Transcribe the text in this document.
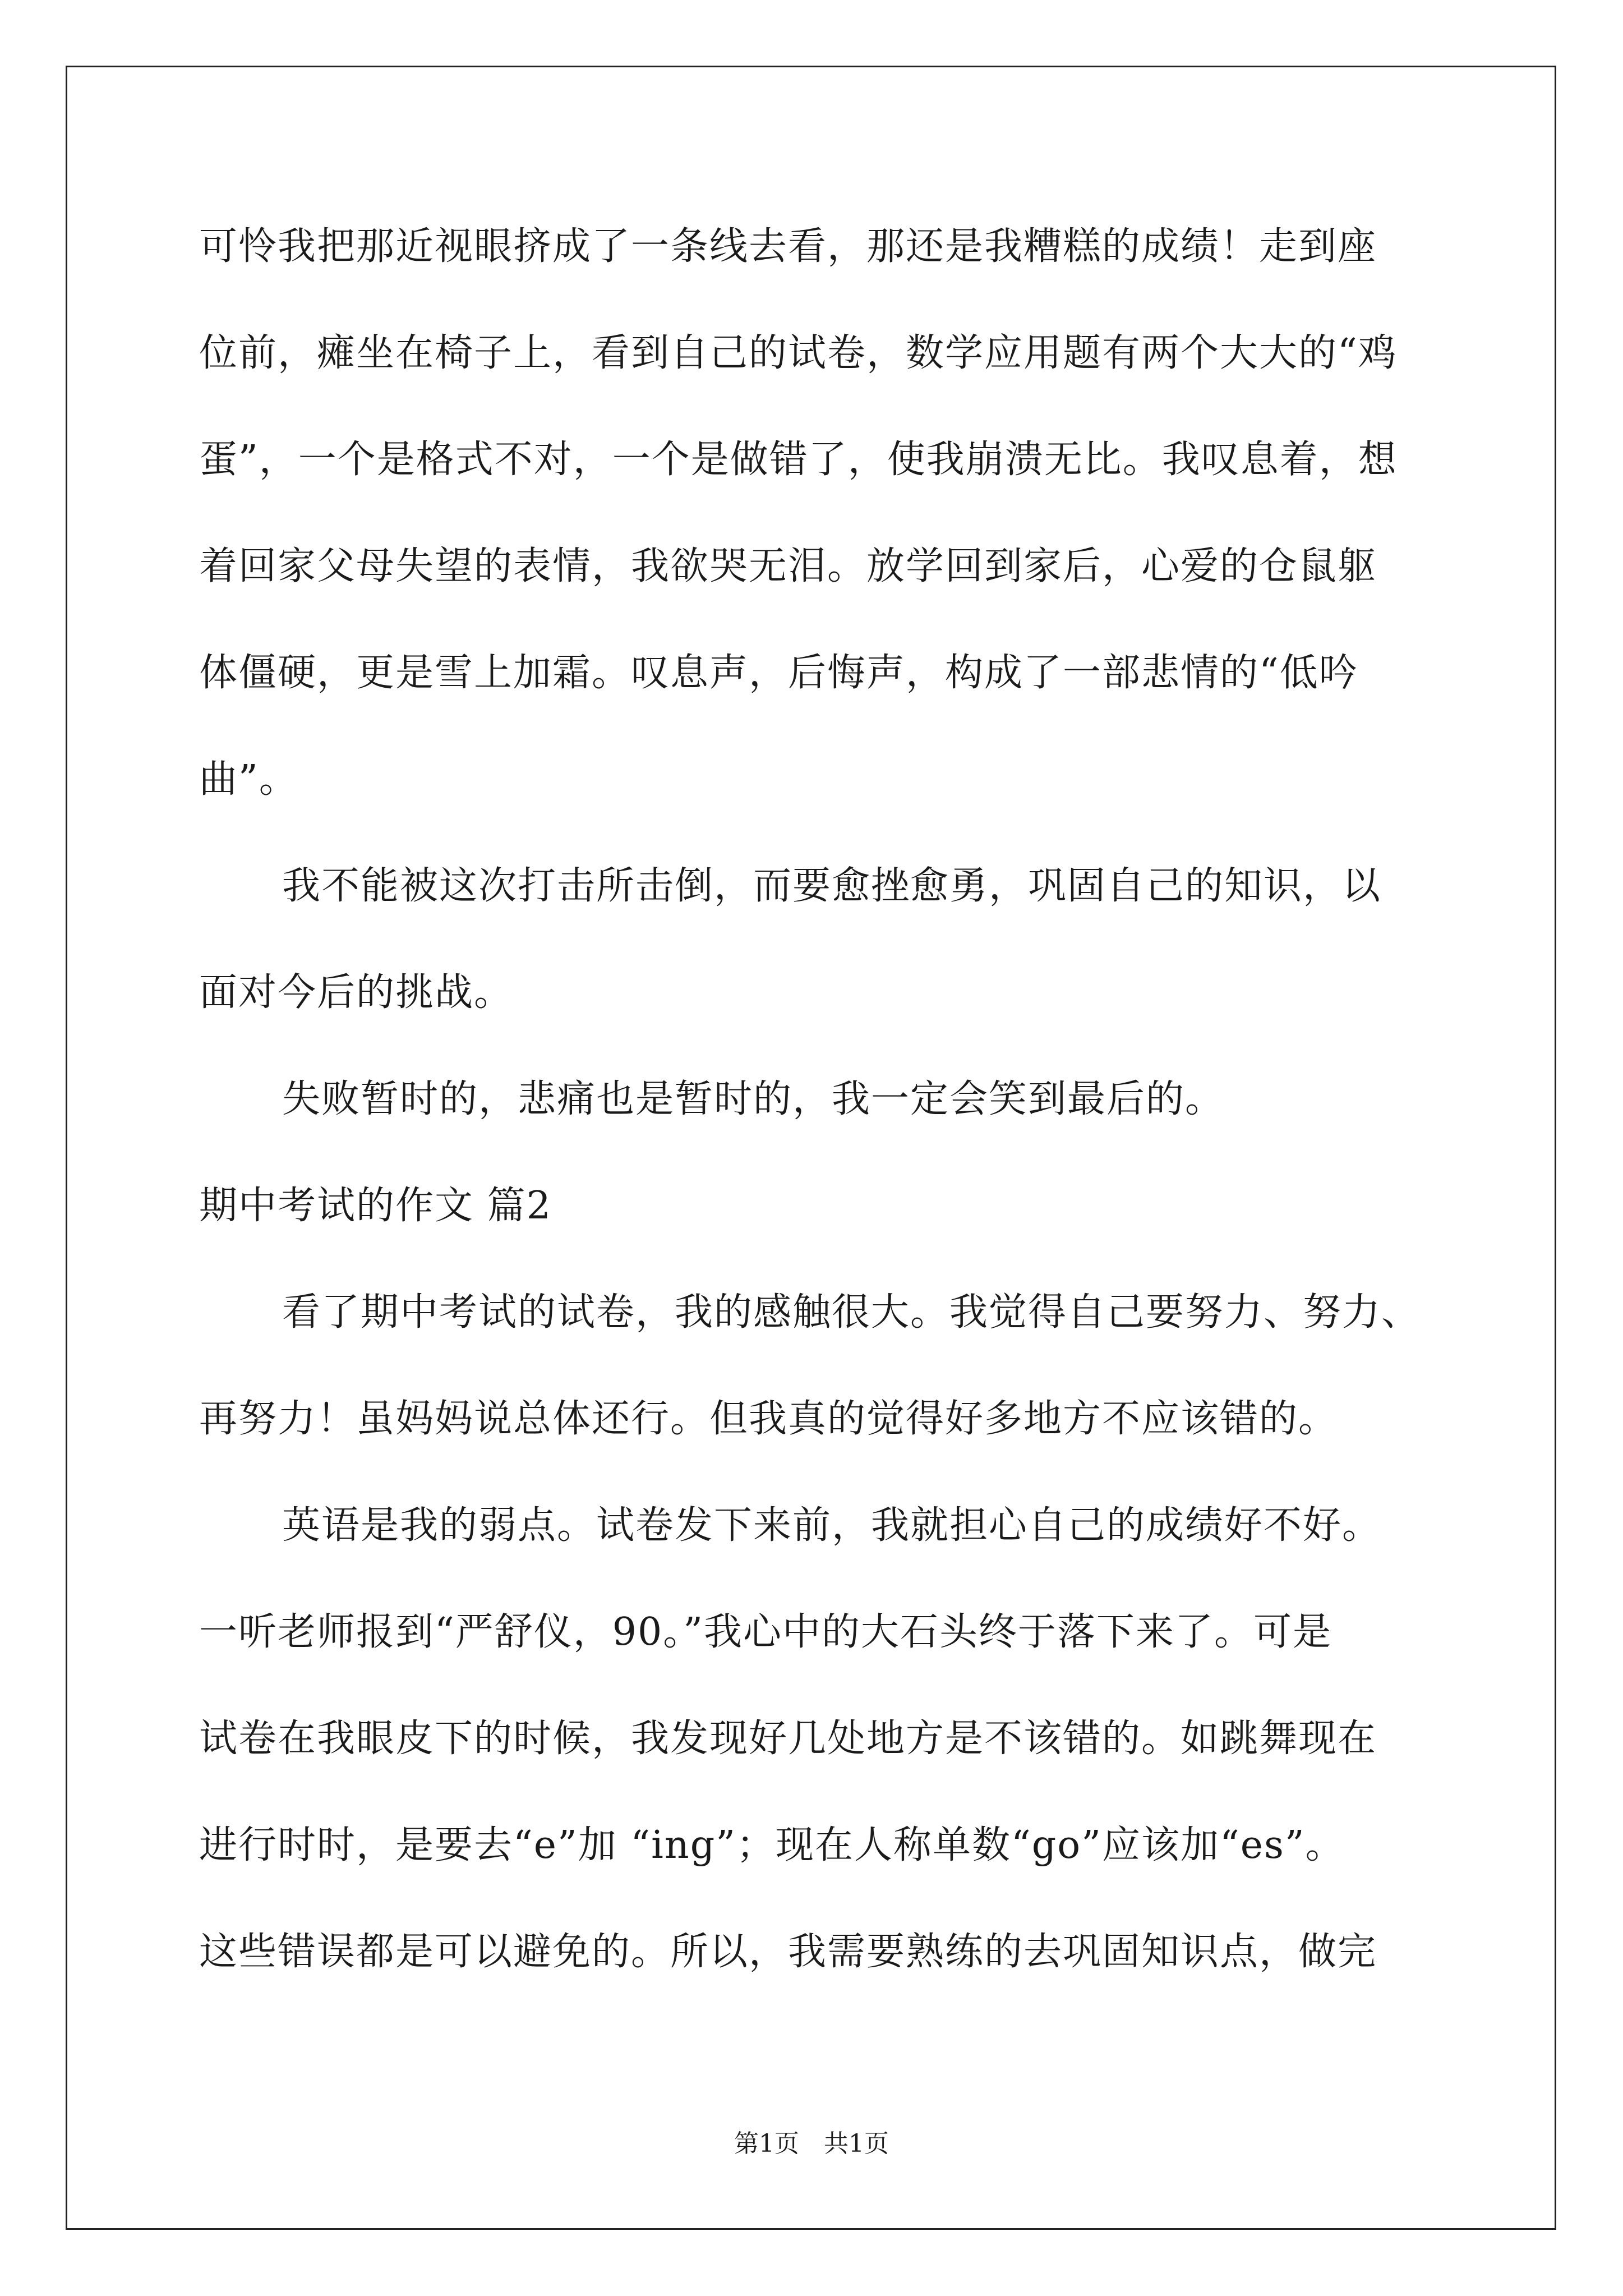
可怜我把那近视眼挤成了一条线去看，那还是我糟糕的成绩！走到座
位前，瘫坐在椅子上，看到自己的试卷，数学应用题有两个大大的“鸡
蛋”，一个是格式不对，一个是做错了，使我崩溃无比。我叹息着，想
着回家父母失望的表情，我欲哭无泪。放学回到家后，心爱的仓鼠躯
体僵硬，更是雪上加霜。叹息声，后悔声，构成了一部悲情的“低吟
曲”。
我不能被这次打击所击倒，而要愈挫愈勇，巩固自己的知识，以
面对今后的挑战。
失败暂时的，悲痛也是暂时的，我一定会笑到最后的。
期中考试的作文 篇2
看了期中考试的试卷，我的感触很大。我觉得自己要努力、努力、
再努力！虽妈妈说总体还行。但我真的觉得好多地方不应该错的。
英语是我的弱点。试卷发下来前，我就担心自己的成绩好不好。
一听老师报到“严舒仪，90。”我心中的大石头终于落下来了。可是
试卷在我眼皮下的时候，我发现好几处地方是不该错的。如跳舞现在
进行时时，是要去“e”加 “ing”；现在人称单数“go”应该加“es”。
这些错误都是可以避免的。所以，我需要熟练的去巩固知识点，做完
第1页　共1页
